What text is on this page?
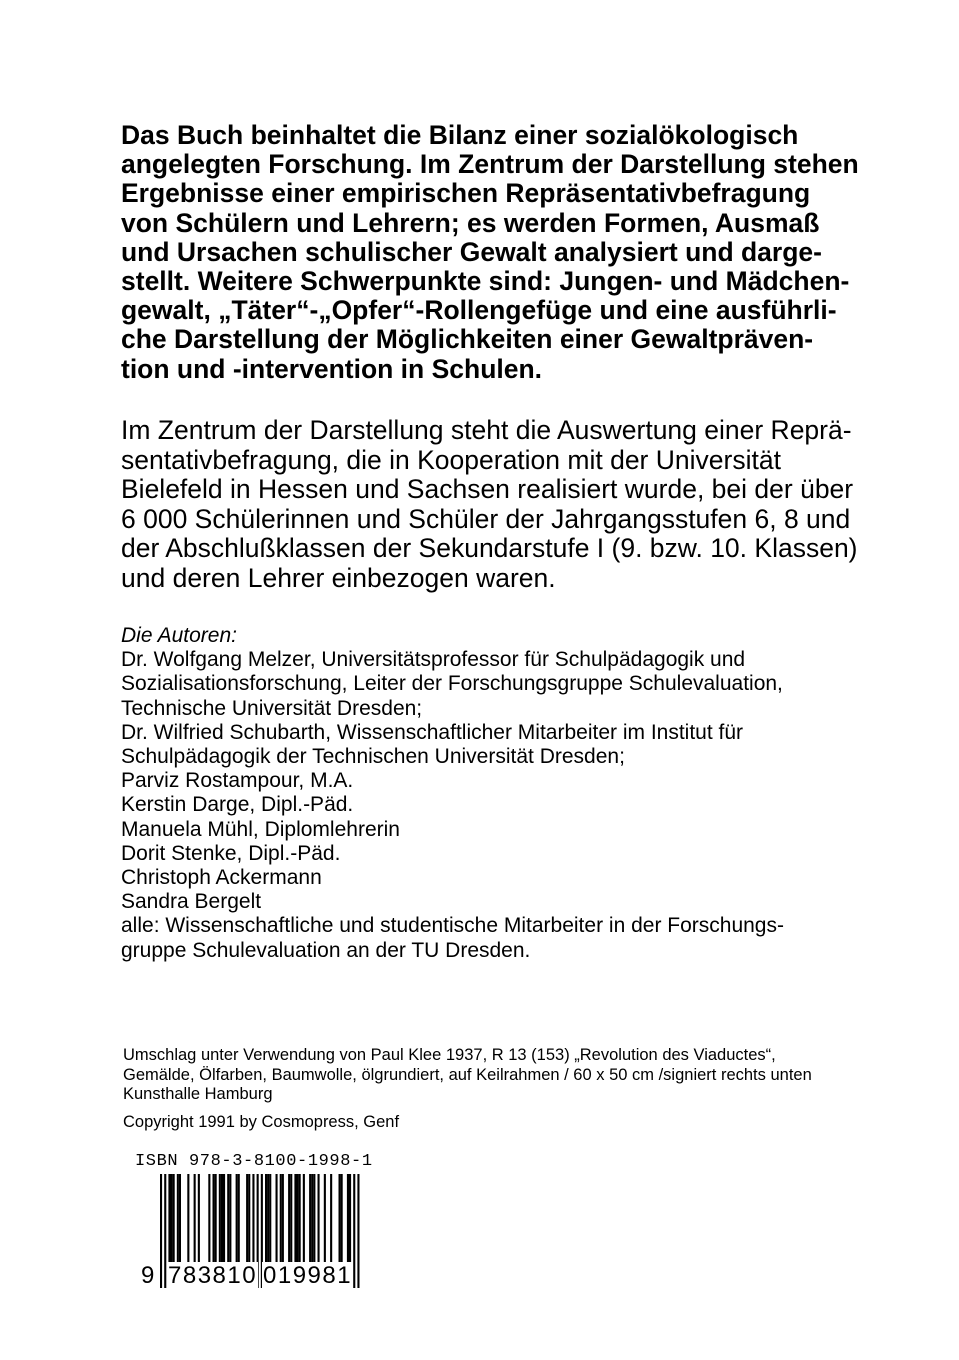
Das Buch beinhaltet die Bilanz einer sozialökologisch
angelegten Forschung. Im Zentrum der Darstellung stehen
Ergebnisse einer empirischen Repräsentativbefragung
von Schülern und Lehrern; es werden Formen, Ausmaß
und Ursachen schulischer Gewalt analysiert und darge-
stellt. Weitere Schwerpunkte sind: Jungen- und Mädchen-
gewalt, „Täter“-„Opfer“-Rollengefüge und eine ausführli-
che Darstellung der Möglichkeiten einer Gewaltpräven-
tion und -intervention in Schulen.
Im Zentrum der Darstellung steht die Auswertung einer Reprä-
sentativbefragung, die in Kooperation mit der Universität
Bielefeld in Hessen und Sachsen realisiert wurde, bei der über
6 000 Schülerinnen und Schüler der Jahrgangsstufen 6, 8 und
der Abschlußklassen der Sekundarstufe I (9. bzw. 10. Klassen)
und deren Lehrer einbezogen waren.
Die Autoren:
Dr. Wolfgang Melzer, Universitätsprofessor für Schulpädagogik und
Sozialisationsforschung, Leiter der Forschungsgruppe Schulevaluation,
Technische Universität Dresden;
Dr. Wilfried Schubarth, Wissenschaftlicher Mitarbeiter im Institut für
Schulpädagogik der Technischen Universität Dresden;
Parviz Rostampour, M.A.
Kerstin Darge, Dipl.-Päd.
Manuela Mühl, Diplomlehrerin
Dorit Stenke, Dipl.-Päd.
Christoph Ackermann
Sandra Bergelt
alle: Wissenschaftliche und studentische Mitarbeiter in der Forschungs-
gruppe Schulevaluation an der TU Dresden.
Umschlag unter Verwendung von Paul Klee 1937, R 13 (153) „Revolution des Viaductes“,
Gemälde, Ölfarben, Baumwolle, ölgrundiert, auf Keilrahmen / 60 x 50 cm /signiert rechts unten
Kunsthalle Hamburg
Copyright 1991 by Cosmopress, Genf
ISBN 978-3-8100-1998-1
9 783810 019981
